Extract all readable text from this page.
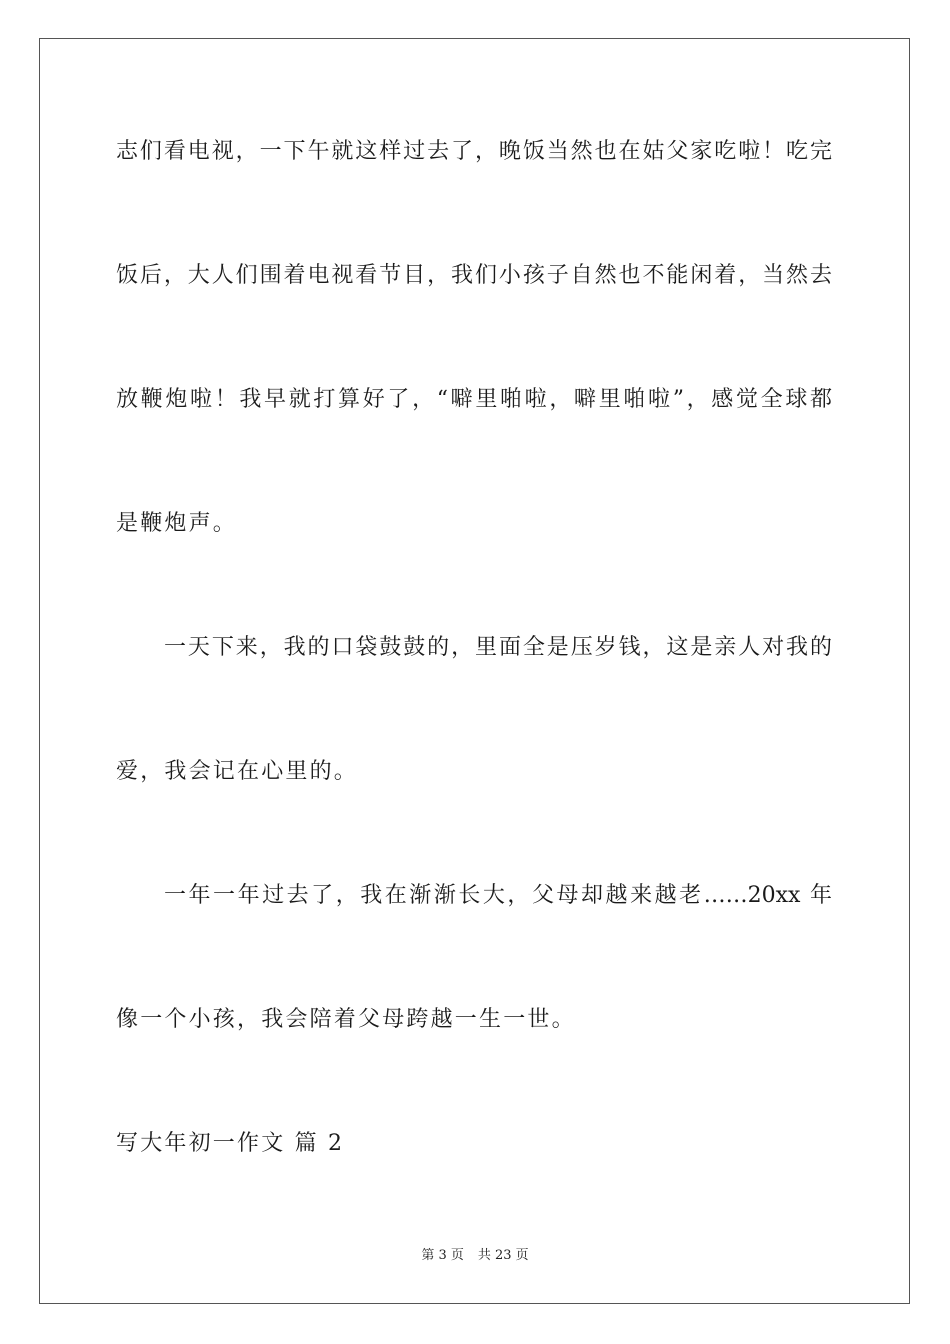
志们看电视，一下午就这样过去了，晚饭当然也在姑父家吃啦！吃完
饭后，大人们围着电视看节目，我们小孩子自然也不能闲着，当然去
放鞭炮啦！我早就打算好了，“噼里啪啦，噼里啪啦”，感觉全球都
是鞭炮声。
一天下来，我的口袋鼓鼓的，里面全是压岁钱，这是亲人对我的
爱，我会记在心里的。
一年一年过去了，我在渐渐长大，父母却越来越老……20xx 年
像一个小孩，我会陪着父母跨越一生一世。
写大年初一作文 篇 2
第 3 页 共 23 页
